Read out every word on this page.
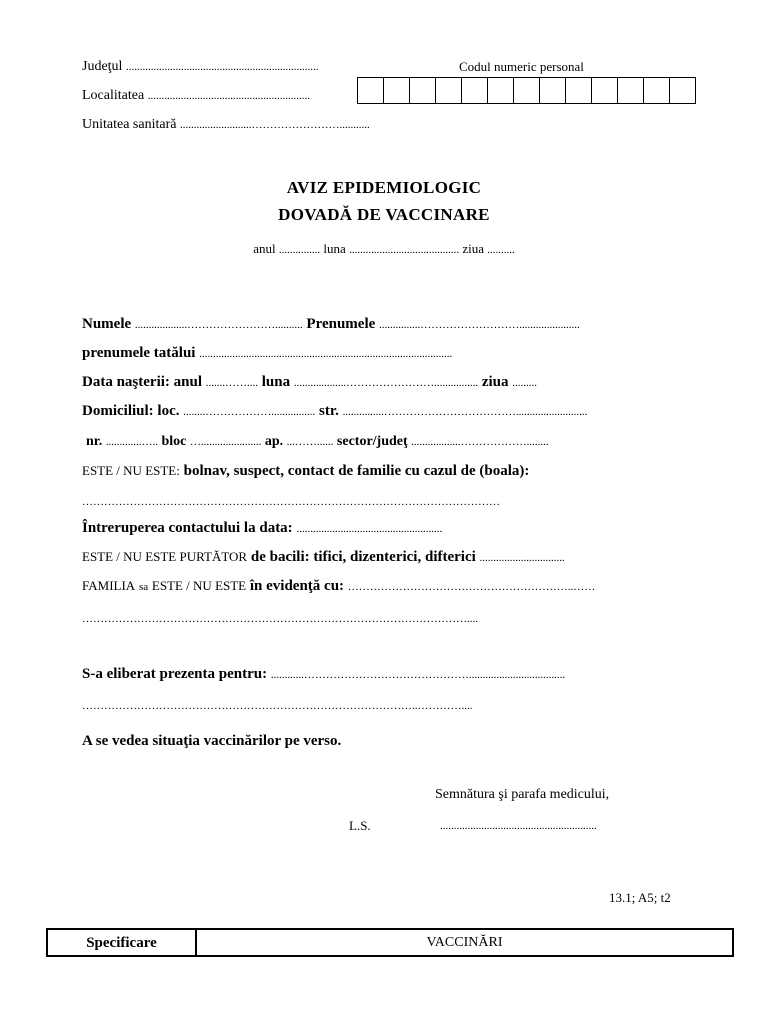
Judeţul ......................................................................	Codul numeric personal
Localitatea ...........................................................
Unitatea sanitară ..........................……………………...........
AVIZ EPIDEMIOLOGIC
DOVADĂ DE VACCINARE
anul ............... luna ........................................ ziua ..........
Numele ...................…………………….......... Prenumele ...............………………………......................
prenumele tatălui ............................................................................................
Data naşterii: anul .......…….... luna ...................……………………................ ziua .........
Domiciliul: loc. ........………………................ str. ...............………………………………..........................
nr. .............….. bloc …...................... ap. ...……...... sector/judeţ ..................………………........
ESTE / NU ESTE: bolnav, suspect, contact de familie cu cazul de (boala):
……………………………………………………………………………………………………
Întreruperea contactului la data: .....................................................
ESTE / NU ESTE PURTĂTOR de bacili: tifici, dizenterici, difterici ...............................
FAMILIA sa ESTE / NU ESTE în evidenţă cu: ……………………………………………………..……
……………………………………………………………………………………………....
S-a eliberat prezenta pentru: ............………………………………………...................................
………………………………………………………………………………..…………....
A se vedea situaţia vaccinărilor pe verso.
Semnătura şi parafa medicului,
L.S.	.........................................................
13.1; A5; t2
Specificare	VACCINĂRI
